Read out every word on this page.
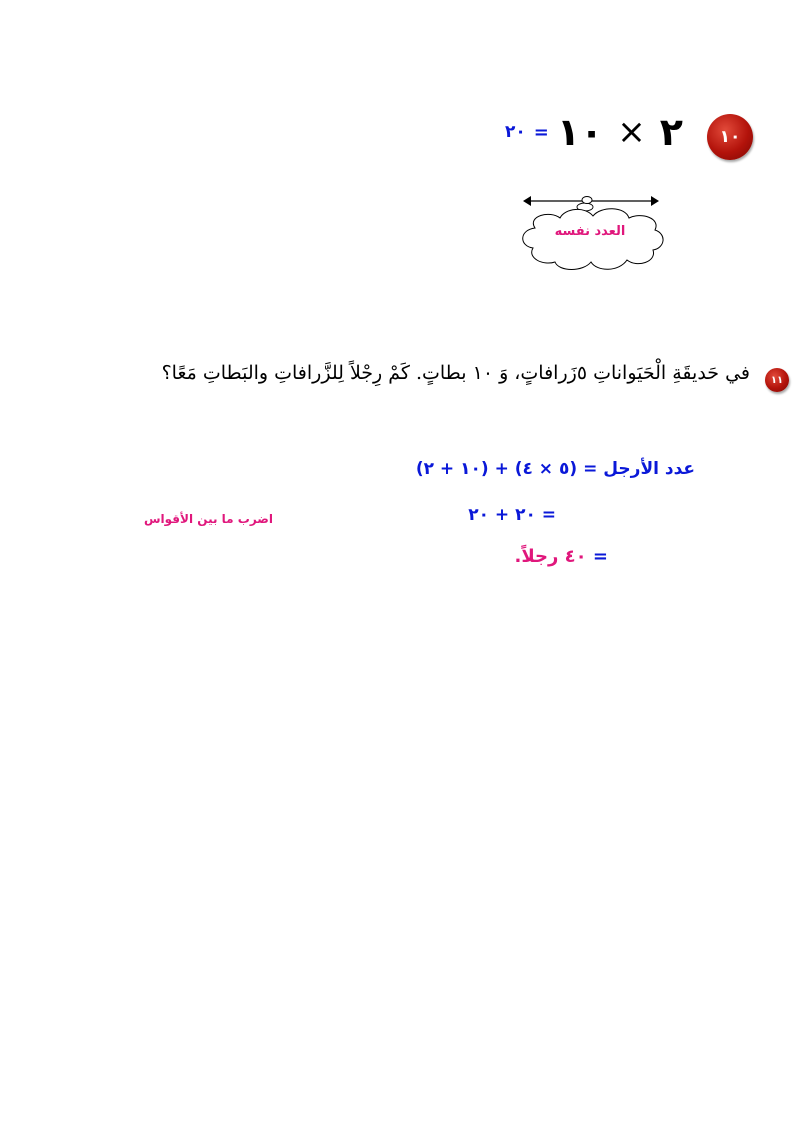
١٠
٢٠ = ١٠ × ٢
العدد نفسه
١١
في حَديقَةِ الْحَيَواناتِ ٥زَرافاتٍ، وَ ١٠ بطاتٍ. كَمْ رِجْلاً لِلزَّرافاتِ والبَطاتِ مَعًا؟
عدد الأرجل = (٥ × ٤) + (١٠ + ٢)
= ٢٠ + ٢٠
= ٤٠ رجلاً.
اضرب ما بين الأقواس
